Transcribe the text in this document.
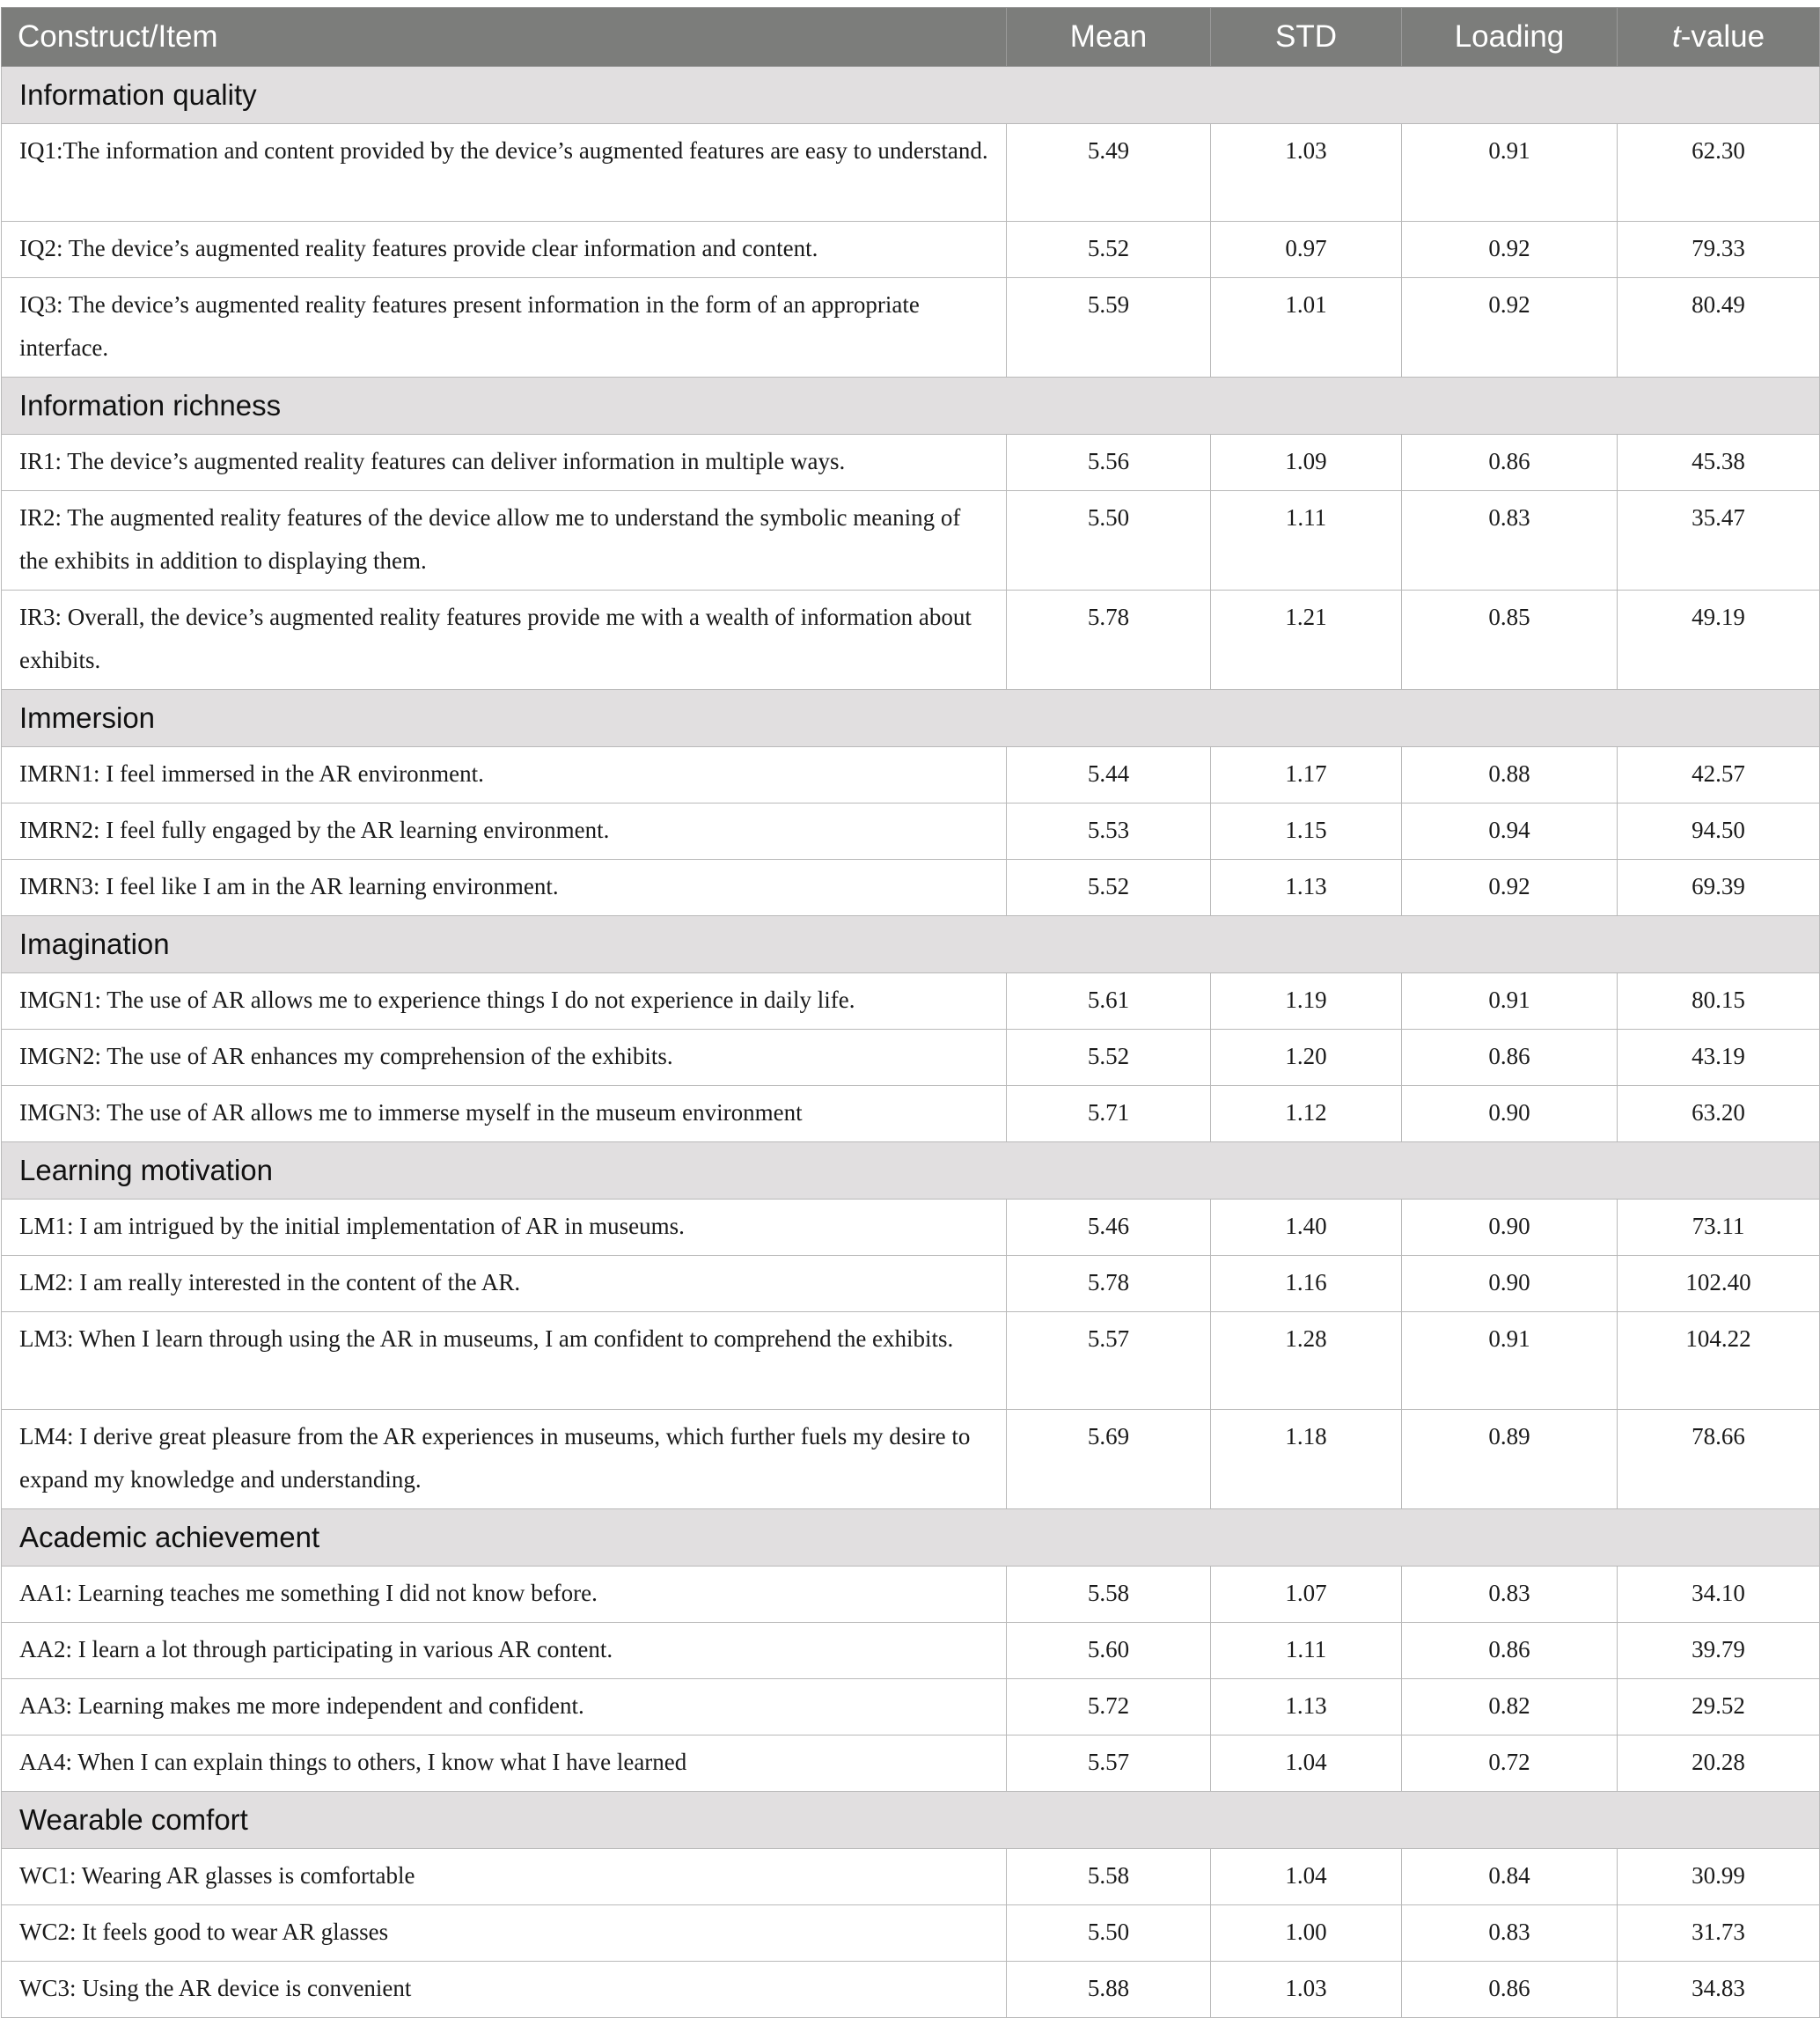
Construct/Item	Mean	STD	Loading	t-value
Information quality				
IQ1:The information and content provided by the device’s augmented features are easy to understand.	5.49	1.03	0.91	62.30
IQ2: The device’s augmented reality features provide clear information and content.	5.52	0.97	0.92	79.33
IQ3: The device’s augmented reality features present information in the form of an appropriate interface.	5.59	1.01	0.92	80.49
Information richness				
IR1: The device’s augmented reality features can deliver information in multiple ways.	5.56	1.09	0.86	45.38
IR2: The augmented reality features of the device allow me to understand the symbolic meaning of the exhibits in addition to displaying them.	5.50	1.11	0.83	35.47
IR3: Overall, the device’s augmented reality features provide me with a wealth of information about exhibits.	5.78	1.21	0.85	49.19
Immersion				
IMRN1: I feel immersed in the AR environment.	5.44	1.17	0.88	42.57
IMRN2: I feel fully engaged by the AR learning environment.	5.53	1.15	0.94	94.50
IMRN3: I feel like I am in the AR learning environment.	5.52	1.13	0.92	69.39
Imagination				
IMGN1: The use of AR allows me to experience things I do not experience in daily life.	5.61	1.19	0.91	80.15
IMGN2: The use of AR enhances my comprehension of the exhibits.	5.52	1.20	0.86	43.19
IMGN3: The use of AR allows me to immerse myself in the museum environment	5.71	1.12	0.90	63.20
Learning motivation				
LM1: I am intrigued by the initial implementation of AR in museums.	5.46	1.40	0.90	73.11
LM2: I am really interested in the content of the AR.	5.78	1.16	0.90	102.40
LM3: When I learn through using the AR in museums, I am confident to comprehend the exhibits.	5.57	1.28	0.91	104.22
LM4: I derive great pleasure from the AR experiences in museums, which further fuels my desire to expand my knowledge and understanding.	5.69	1.18	0.89	78.66
Academic achievement				
AA1: Learning teaches me something I did not know before.	5.58	1.07	0.83	34.10
AA2: I learn a lot through participating in various AR content.	5.60	1.11	0.86	39.79
AA3: Learning makes me more independent and confident.	5.72	1.13	0.82	29.52
AA4: When I can explain things to others, I know what I have learned	5.57	1.04	0.72	20.28
Wearable comfort				
WC1: Wearing AR glasses is comfortable	5.58	1.04	0.84	30.99
WC2: It feels good to wear AR glasses	5.50	1.00	0.83	31.73
WC3: Using the AR device is convenient	5.88	1.03	0.86	34.83
